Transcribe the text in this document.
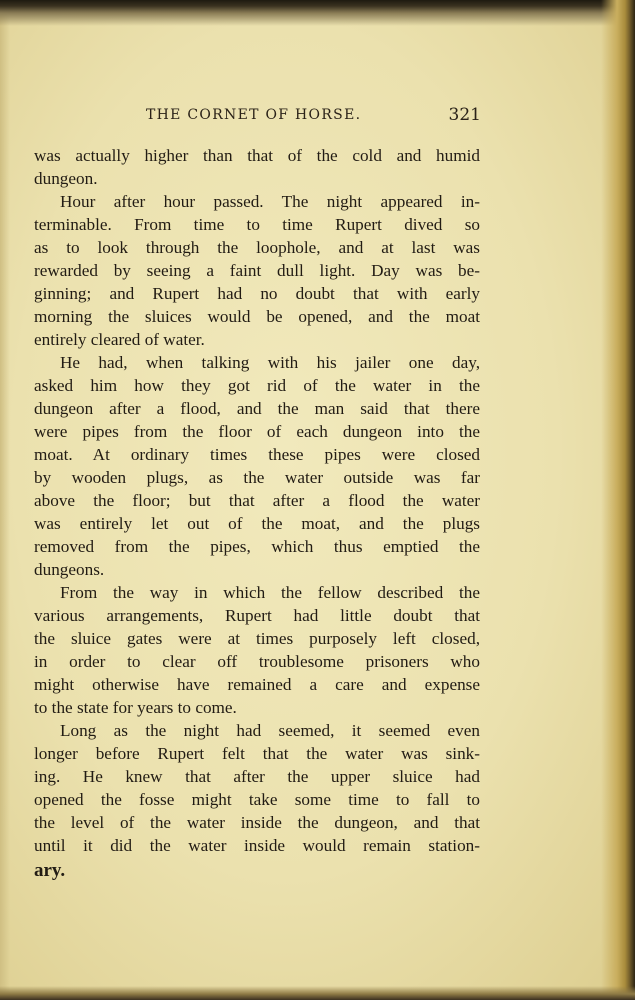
THE CORNET OF HORSE.	321
was actually higher than that of the cold and humid
dungeon.
Hour after hour passed. The night appeared in-
terminable. From time to time Rupert dived so
as to look through the loophole, and at last was
rewarded by seeing a faint dull light. Day was be-
ginning; and Rupert had no doubt that with early
morning the sluices would be opened, and the moat
entirely cleared of water.
He had, when talking with his jailer one day,
asked him how they got rid of the water in the
dungeon after a flood, and the man said that there
were pipes from the floor of each dungeon into the
moat. At ordinary times these pipes were closed
by wooden plugs, as the water outside was far
above the floor; but that after a flood the water
was entirely let out of the moat, and the plugs
removed from the pipes, which thus emptied the
dungeons.
From the way in which the fellow described the
various arrangements, Rupert had little doubt that
the sluice gates were at times purposely left closed,
in order to clear off troublesome prisoners who
might otherwise have remained a care and expense
to the state for years to come.
Long as the night had seemed, it seemed even
longer before Rupert felt that the water was sink-
ing. He knew that after the upper sluice had
opened the fosse might take some time to fall to
the level of the water inside the dungeon, and that
until it did the water inside would remain station-
ary.
